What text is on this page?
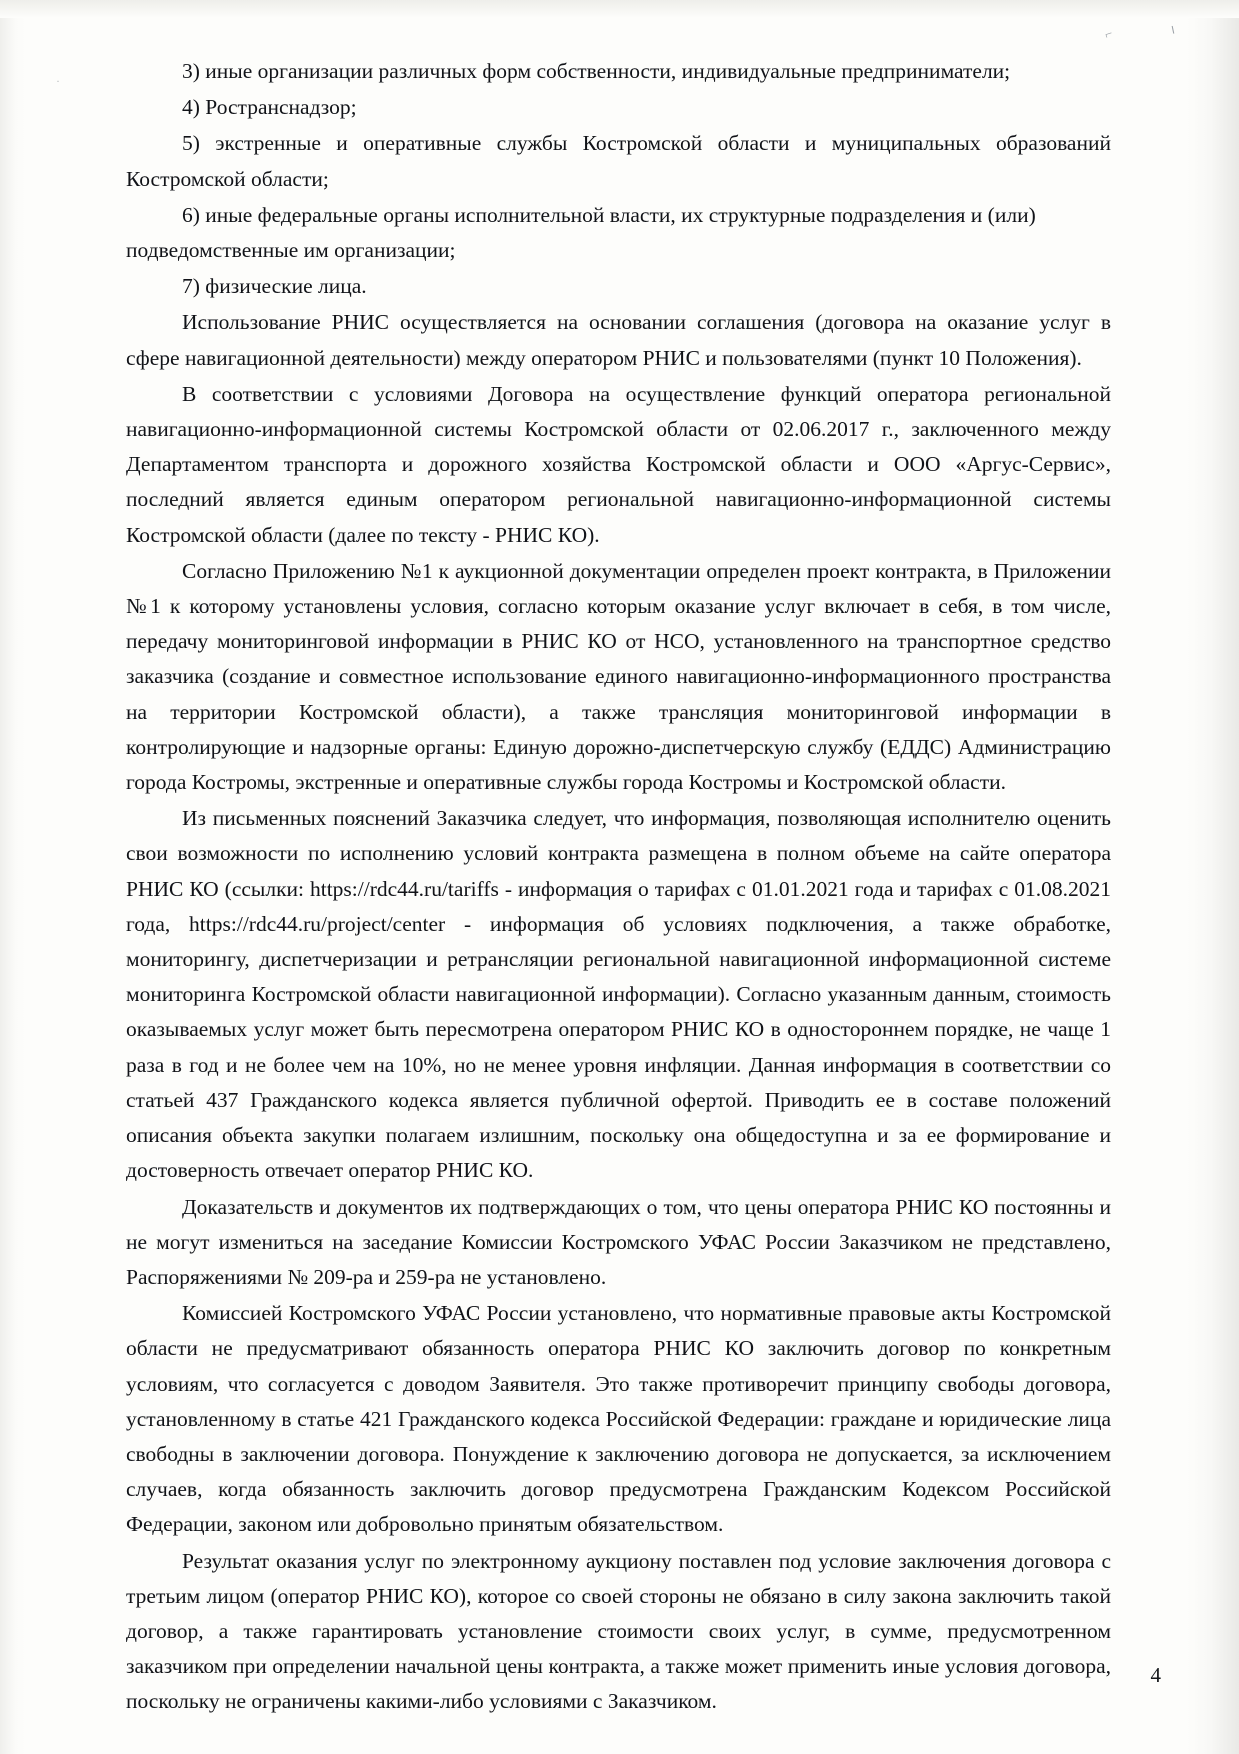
⌐	╵
·	3) иные организации различных форм собственности, индивидуальные предприниматели;

4) Ространснадзор;

5) экстренные и оперативные службы Костромской области и муниципальных образований Костромской области;

6) иные федеральные органы исполнительной власти, их структурные подразделения и (или) подведомственные им организации;

7) физические лица.

Использование РНИС осуществляется на основании соглашения (договора на оказание услуг в сфере навигационной деятельности) между оператором РНИС и пользователями (пункт 10 Положения).

В соответствии с условиями Договора на осуществление функций оператора региональной навигационно-информационной системы Костромской области от 02.06.2017 г., заключенного между Департаментом транспорта и дорожного хозяйства Костромской области и ООО «Аргус-Сервис», последний является единым оператором региональной навигационно-информационной системы Костромской области (далее по тексту - РНИС КО).

Согласно Приложению №1 к аукционной документации определен проект контракта, в Приложении №1 к которому установлены условия, согласно которым оказание услуг включает в себя, в том числе, передачу мониторинговой информации в РНИС КО от НСО, установленного на транспортное средство заказчика (создание и совместное использование единого навигационно-информационного пространства на территории Костромской области), а также трансляция мониторинговой информации в контролирующие и надзорные органы: Единую дорожно-диспетчерскую службу (ЕДДС) Администрацию города Костромы, экстренные и оперативные службы города Костромы и Костромской области.

Из письменных пояснений Заказчика следует, что информация, позволяющая исполнителю оценить свои возможности по исполнению условий контракта размещена в полном объеме на сайте оператора РНИС КО (ссылки: https://rdc44.ru/tariffs - информация о тарифах с 01.01.2021 года и тарифах с 01.08.2021 года, https://rdc44.ru/project/center - информация об условиях подключения, а также обработке, мониторингу, диспетчеризации и ретрансляции региональной навигационной информационной системе мониторинга Костромской области навигационной информации). Согласно указанным данным, стоимость оказываемых услуг может быть пересмотрена оператором РНИС КО в одностороннем порядке, не чаще 1 раза в год и не более чем на 10%, но не менее уровня инфляции. Данная информация в соответствии со статьей 437 Гражданского кодекса является публичной офертой. Приводить ее в составе положений описания объекта закупки полагаем излишним, поскольку она общедоступна и за ее формирование и достоверность отвечает оператор РНИС КО.

Доказательств и документов их подтверждающих о том, что цены оператора РНИС КО постоянны и не могут измениться на заседание Комиссии Костромского УФАС России Заказчиком не представлено, Распоряжениями № 209-ра и 259-ра не установлено.

Комиссией Костромского УФАС России установлено, что нормативные правовые акты Костромской области не предусматривают обязанность оператора РНИС КО заключить договор по конкретным условиям, что согласуется с доводом Заявителя. Это также противоречит принципу свободы договора, установленному в статье 421 Гражданского кодекса Российской Федерации: граждане и юридические лица свободны в заключении договора. Понуждение к заключению договора не допускается, за исключением случаев, когда обязанность заключить договор предусмотрена Гражданским Кодексом Российской Федерации, законом или добровольно принятым обязательством.

Результат оказания услуг по электронному аукциону поставлен под условие заключения договора с третьим лицом (оператор РНИС КО), которое со своей стороны не обязано в силу закона заключить такой договор, а также гарантировать установление стоимости своих услуг, в сумме, предусмотренном заказчиком при определении начальной цены контракта, а также может применить иные условия договора, поскольку не ограничены какими-либо условиями с Заказчиком.

4
